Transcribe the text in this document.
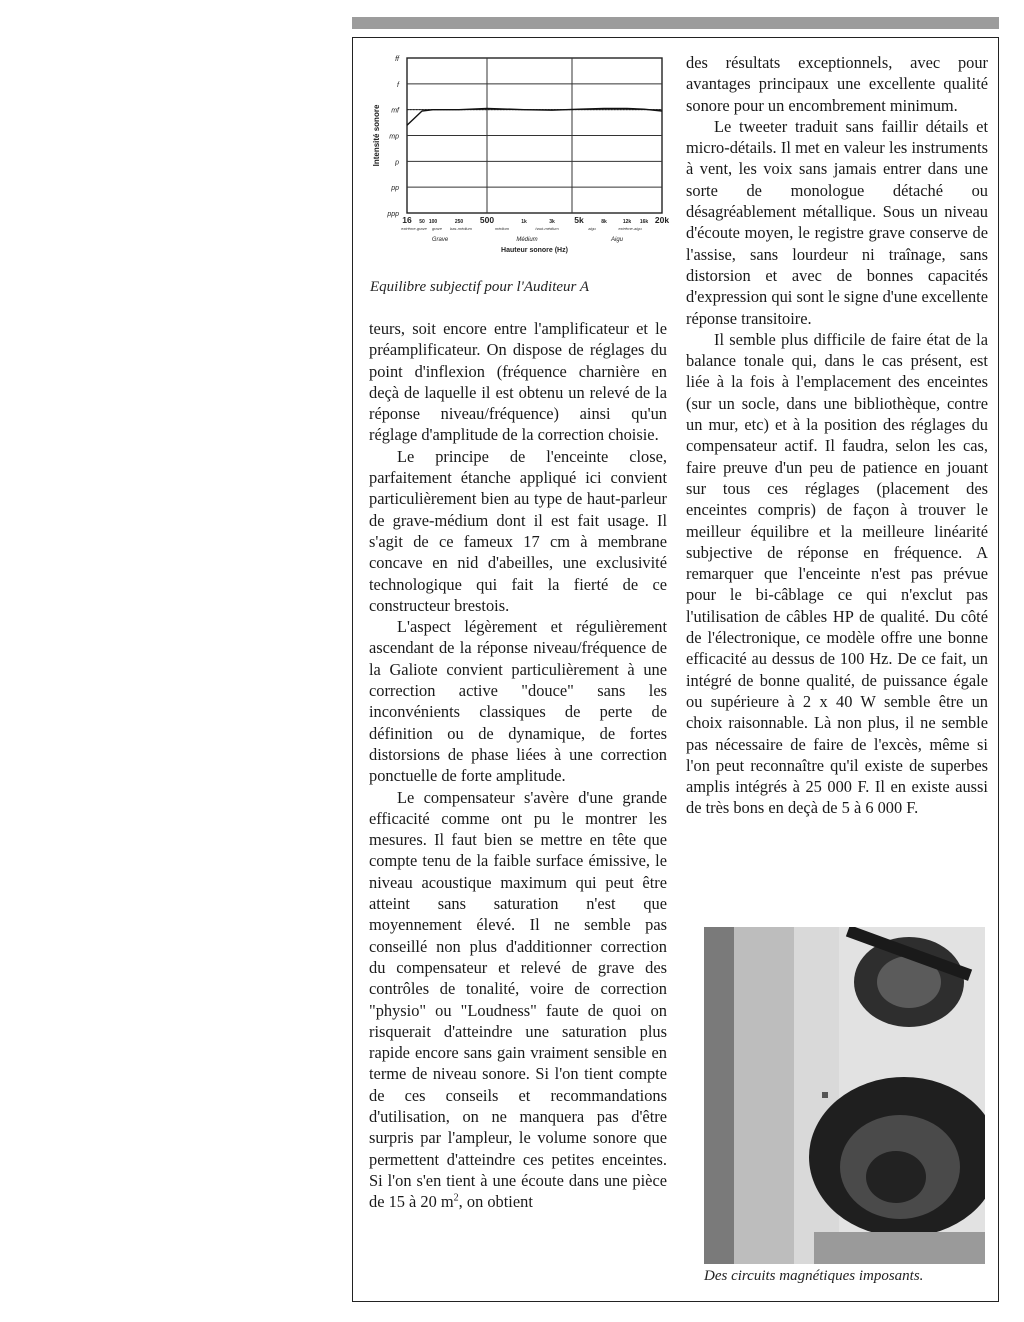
ppp
pp
p
mp
mf
f
ff
Intensité sonore
16 50 100	250 500	1k	3k 5k	8k	12k 16k 20k
extrême-grave grave bas-médium	médium	haut-médium	aigu	extrême-aigu
Grave	Médium	Aigu
Hauteur sonore (Hz)
Equilibre subjectif pour l'Auditeur A

teurs, soit encore entre l'amplificateur et le préamplificateur. On dispose de réglages du point d'inflexion (fréquence charnière en deçà de laquelle il est obtenu un relevé de la réponse niveau/fréquence) ainsi qu'un réglage d'amplitude de la correction choisie.

Le principe de l'enceinte close, parfaitement étanche appliqué ici convient particulièrement bien au type de haut-parleur de grave-médium dont il est fait usage. Il s'agit de ce fameux 17 cm à membrane concave en nid d'abeilles, une exclusivité technologique qui fait la fierté de ce constructeur brestois.

L'aspect légèrement et régulièrement ascendant de la réponse niveau/fréquence de la Galiote convient particulièrement à une correction active "douce" sans les inconvénients classiques de perte de définition ou de dynamique, de fortes distorsions de phase liées à une correction ponctuelle de forte amplitude.

Le compensateur s'avère d'une grande efficacité comme ont pu le montrer les mesures. Il faut bien se mettre en tête que compte tenu de la faible surface émissive, le niveau acoustique maximum qui peut être atteint sans saturation n'est que moyennement élevé. Il ne semble pas conseillé non plus d'additionner correction du compensateur et relevé de grave des contrôles de tonalité, voire de correction "physio" ou "Loudness" faute de quoi on risquerait d'atteindre une saturation plus rapide encore sans gain vraiment sensible en terme de niveau sonore. Si l'on tient compte de ces conseils et recommandations d'utilisation, on ne manquera pas d'être surpris par l'ampleur, le volume sonore que permettent d'atteindre ces petites enceintes. Si l'on s'en tient à une écoute dans une pièce de 15 à 20 $m^2$, on obtient

des résultats exceptionnels, avec pour avantages principaux une excellente qualité sonore pour un encombrement minimum.

Le tweeter traduit sans faillir détails et micro-détails. Il met en valeur les instruments à vent, les voix sans jamais entrer dans une sorte de monologue détaché ou désagréablement métallique. Sous un niveau d'écoute moyen, le registre grave conserve de l'assise, sans lourdeur ni traînage, sans distorsion et avec de bonnes capacités d'expression qui sont le signe d'une excellente réponse transitoire.

Il semble plus difficile de faire état de la balance tonale qui, dans le cas présent, est liée à la fois à l'emplacement des enceintes (sur un socle, dans une bibliothèque, contre un mur, etc) et à la position des réglages du compensateur actif. Il faudra, selon les cas, faire preuve d'un peu de patience en jouant sur tous ces réglages (placement des enceintes compris) de façon à trouver le meilleur équilibre et la meilleure linéarité subjective de réponse en fréquence. A remarquer que l'enceinte n'est pas prévue pour le bi-câblage ce qui n'exclut pas l'utilisation de câbles HP de qualité. Du côté de l'électronique, ce modèle offre une bonne efficacité au dessus de 100 Hz. De ce fait, un intégré de bonne qualité, de puissance égale ou supérieure à 2 x 40 W semble être un choix raisonnable. Là non plus, il ne semble pas nécessaire de faire de l'excès, même si l'on peut reconnaître qu'il existe de superbes amplis intégrés à 25 000 F. Il en existe aussi de très bons en deçà de 5 à 6 000 F.

Des circuits magnétiques imposants.
